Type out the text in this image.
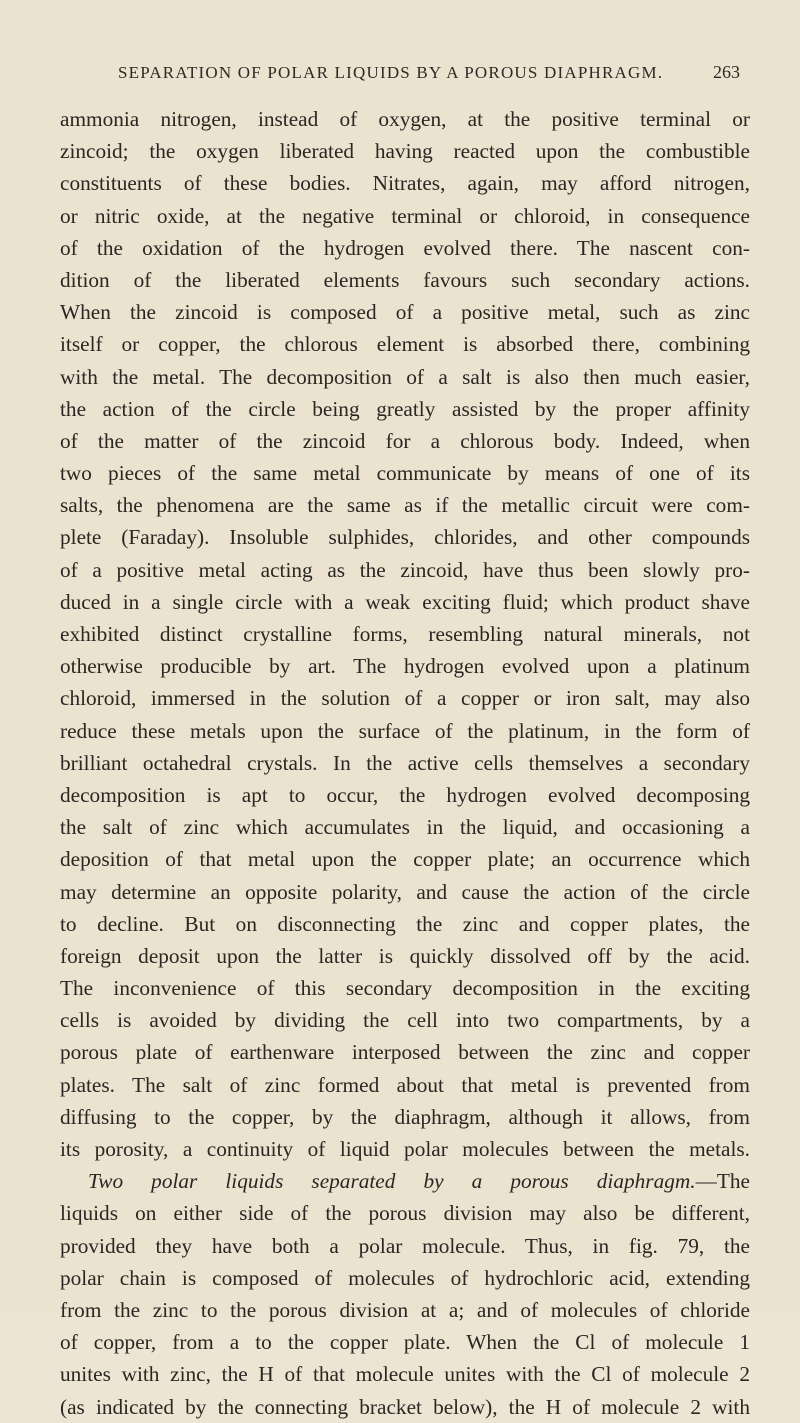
SEPARATION OF POLAR LIQUIDS BY A POROUS DIAPHRAGM.	263
ammonia nitrogen, instead of oxygen, at the positive terminal or
zincoid; the oxygen liberated having reacted upon the combustible
constituents of these bodies. Nitrates, again, may afford nitrogen,
or nitric oxide, at the negative terminal or chloroid, in consequence
of the oxidation of the hydrogen evolved there. The nascent con-
dition of the liberated elements favours such secondary actions.
When the zincoid is composed of a positive metal, such as zinc
itself or copper, the chlorous element is absorbed there, combining
with the metal. The decomposition of a salt is also then much easier,
the action of the circle being greatly assisted by the proper affinity
of the matter of the zincoid for a chlorous body. Indeed, when
two pieces of the same metal communicate by means of one of its
salts, the phenomena are the same as if the metallic circuit were com-
plete (Faraday). Insoluble sulphides, chlorides, and other compounds
of a positive metal acting as the zincoid, have thus been slowly pro-
duced in a single circle with a weak exciting fluid; which product shave
exhibited distinct crystalline forms, resembling natural minerals, not
otherwise producible by art. The hydrogen evolved upon a platinum
chloroid, immersed in the solution of a copper or iron salt, may also
reduce these metals upon the surface of the platinum, in the form of
brilliant octahedral crystals. In the active cells themselves a secondary
decomposition is apt to occur, the hydrogen evolved decomposing
the salt of zinc which accumulates in the liquid, and occasioning a
deposition of that metal upon the copper plate; an occurrence which
may determine an opposite polarity, and cause the action of the circle
to decline. But on disconnecting the zinc and copper plates, the
foreign deposit upon the latter is quickly dissolved off by the acid.
The inconvenience of this secondary decomposition in the exciting
cells is avoided by dividing the cell into two compartments, by a
porous plate of earthenware interposed between the zinc and copper
plates. The salt of zinc formed about that metal is prevented from
diffusing to the copper, by the diaphragm, although it allows, from
its porosity, a continuity of liquid polar molecules between the metals.
Two polar liquids separated by a porous diaphragm.—The
liquids on either side of the porous division may also be different,
provided they have both a polar molecule. Thus, in fig. 79, the
polar chain is composed of molecules of hydrochloric acid, extending
from the zinc to the porous division at a; and of molecules of chloride
of copper, from a to the copper plate. When the Cl of molecule 1
unites with zinc, the H of that molecule unites with the Cl of molecule 2
(as indicated by the connecting bracket below), the H of molecule 2 with
